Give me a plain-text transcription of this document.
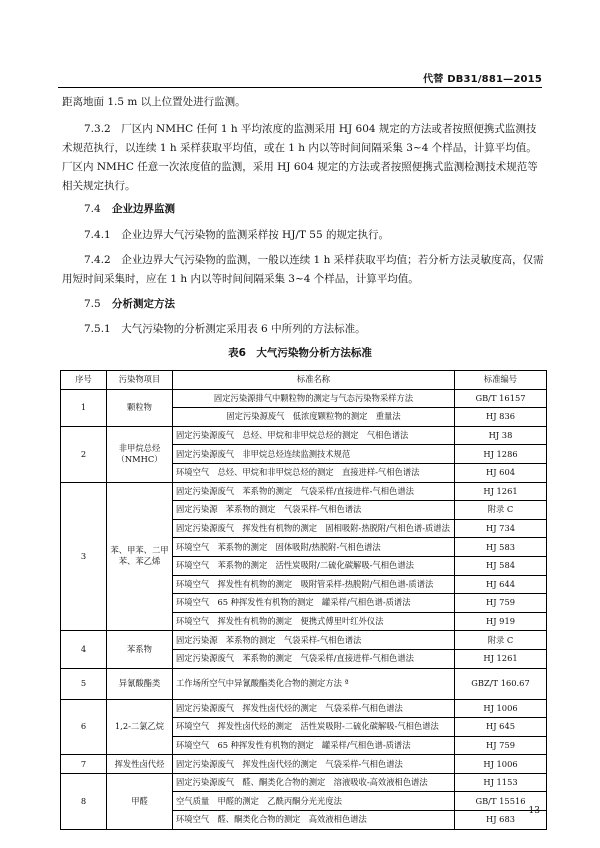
代替 DB31/881—2015
距离地面 1.5 m 以上位置处进行监测。
7.3.2　厂区内 NMHC 任何 1 h 平均浓度的监测采用 HJ 604 规定的方法或者按照便携式监测技术规范执行，以连续 1 h 采样获取平均值，或在 1 h 内以等时间间隔采集 3~4 个样品，计算平均值。厂区内 NMHC 任意一次浓度值的监测，采用 HJ 604 规定的方法或者按照便携式监测检测技术规范等相关规定执行。
7.4 企业边界监测
7.4.1　企业边界大气污染物的监测采样按 HJ/T 55 的规定执行。
7.4.2　企业边界大气污染物的监测，一般以连续 1 h 采样获取平均值；若分析方法灵敏度高，仅需用短时间采集时，应在 1 h 内以等时间间隔采集 3~4 个样品，计算平均值。
7.5 分析测定方法
7.5.1　大气污染物的分析测定采用表 6 中所列的方法标准。
表6　大气污染物分析方法标准
序号	污染物项目	标准名称	标准编号
1	颗粒物	固定污染源排气中颗粒物的测定与气态污染物采样方法	GB/T 16157
		固定污染源废气　低浓度颗粒物的测定　重量法	HJ 836
2	非甲烷总烃（NMHC）	固定污染源废气　总烃、甲烷和非甲烷总烃的测定　气相色谱法	HJ 38
		固定污染源废气　非甲烷总烃连续监测技术规范	HJ 1286
		环境空气　总烃、甲烷和非甲烷总烃的测定　直接进样-气相色谱法	HJ 604
3	苯、甲苯、二甲苯、苯乙烯	固定污染源废气　苯系物的测定　气袋采样/直接进样-气相色谱法	HJ 1261
		固定污染源　苯系物的测定　气袋采样-气相色谱法	附录 C
		固定污染源废气　挥发性有机物的测定　固相吸附-热脱附/气相色谱-质谱法	HJ 734
		环境空气　苯系物的测定　固体吸附/热脱附-气相色谱法	HJ 583
		环境空气　苯系物的测定　活性炭吸附/二硫化碳解吸-气相色谱法	HJ 584
		环境空气　挥发性有机物的测定　吸附管采样-热脱附/气相色谱-质谱法	HJ 644
		环境空气　65 种挥发性有机物的测定　罐采样/气相色谱-质谱法	HJ 759
		环境空气　挥发性有机物的测定　便携式傅里叶红外仪法	HJ 919
4	苯系物	固定污染源　苯系物的测定　气袋采样-气相色谱法	附录 C
		固定污染源废气　苯系物的测定　气袋采样/直接进样-气相色谱法	HJ 1261
5	异氰酸酯类	工作场所空气中异氰酸酯类化合物的测定方法 ª	GBZ/T 160.67
6	1,2-二氯乙烷	固定污染源废气　挥发性卤代烃的测定　气袋采样-气相色谱法	HJ 1006
		环境空气　挥发性卤代烃的测定　活性炭吸附-二硫化碳解吸-气相色谱法	HJ 645
		环境空气　65 种挥发性有机物的测定　罐采样/气相色谱-质谱法	HJ 759
7	挥发性卤代烃	固定污染源废气　挥发性卤代烃的测定　气袋采样-气相色谱法	HJ 1006
8	甲醛	固定污染源废气　醛、酮类化合物的测定　溶液吸收-高效液相色谱法	HJ 1153
		空气质量　甲醛的测定　乙酰丙酮分光光度法	GB/T 15516
		环境空气　醛、酮类化合物的测定　高效液相色谱法	HJ 683
13
